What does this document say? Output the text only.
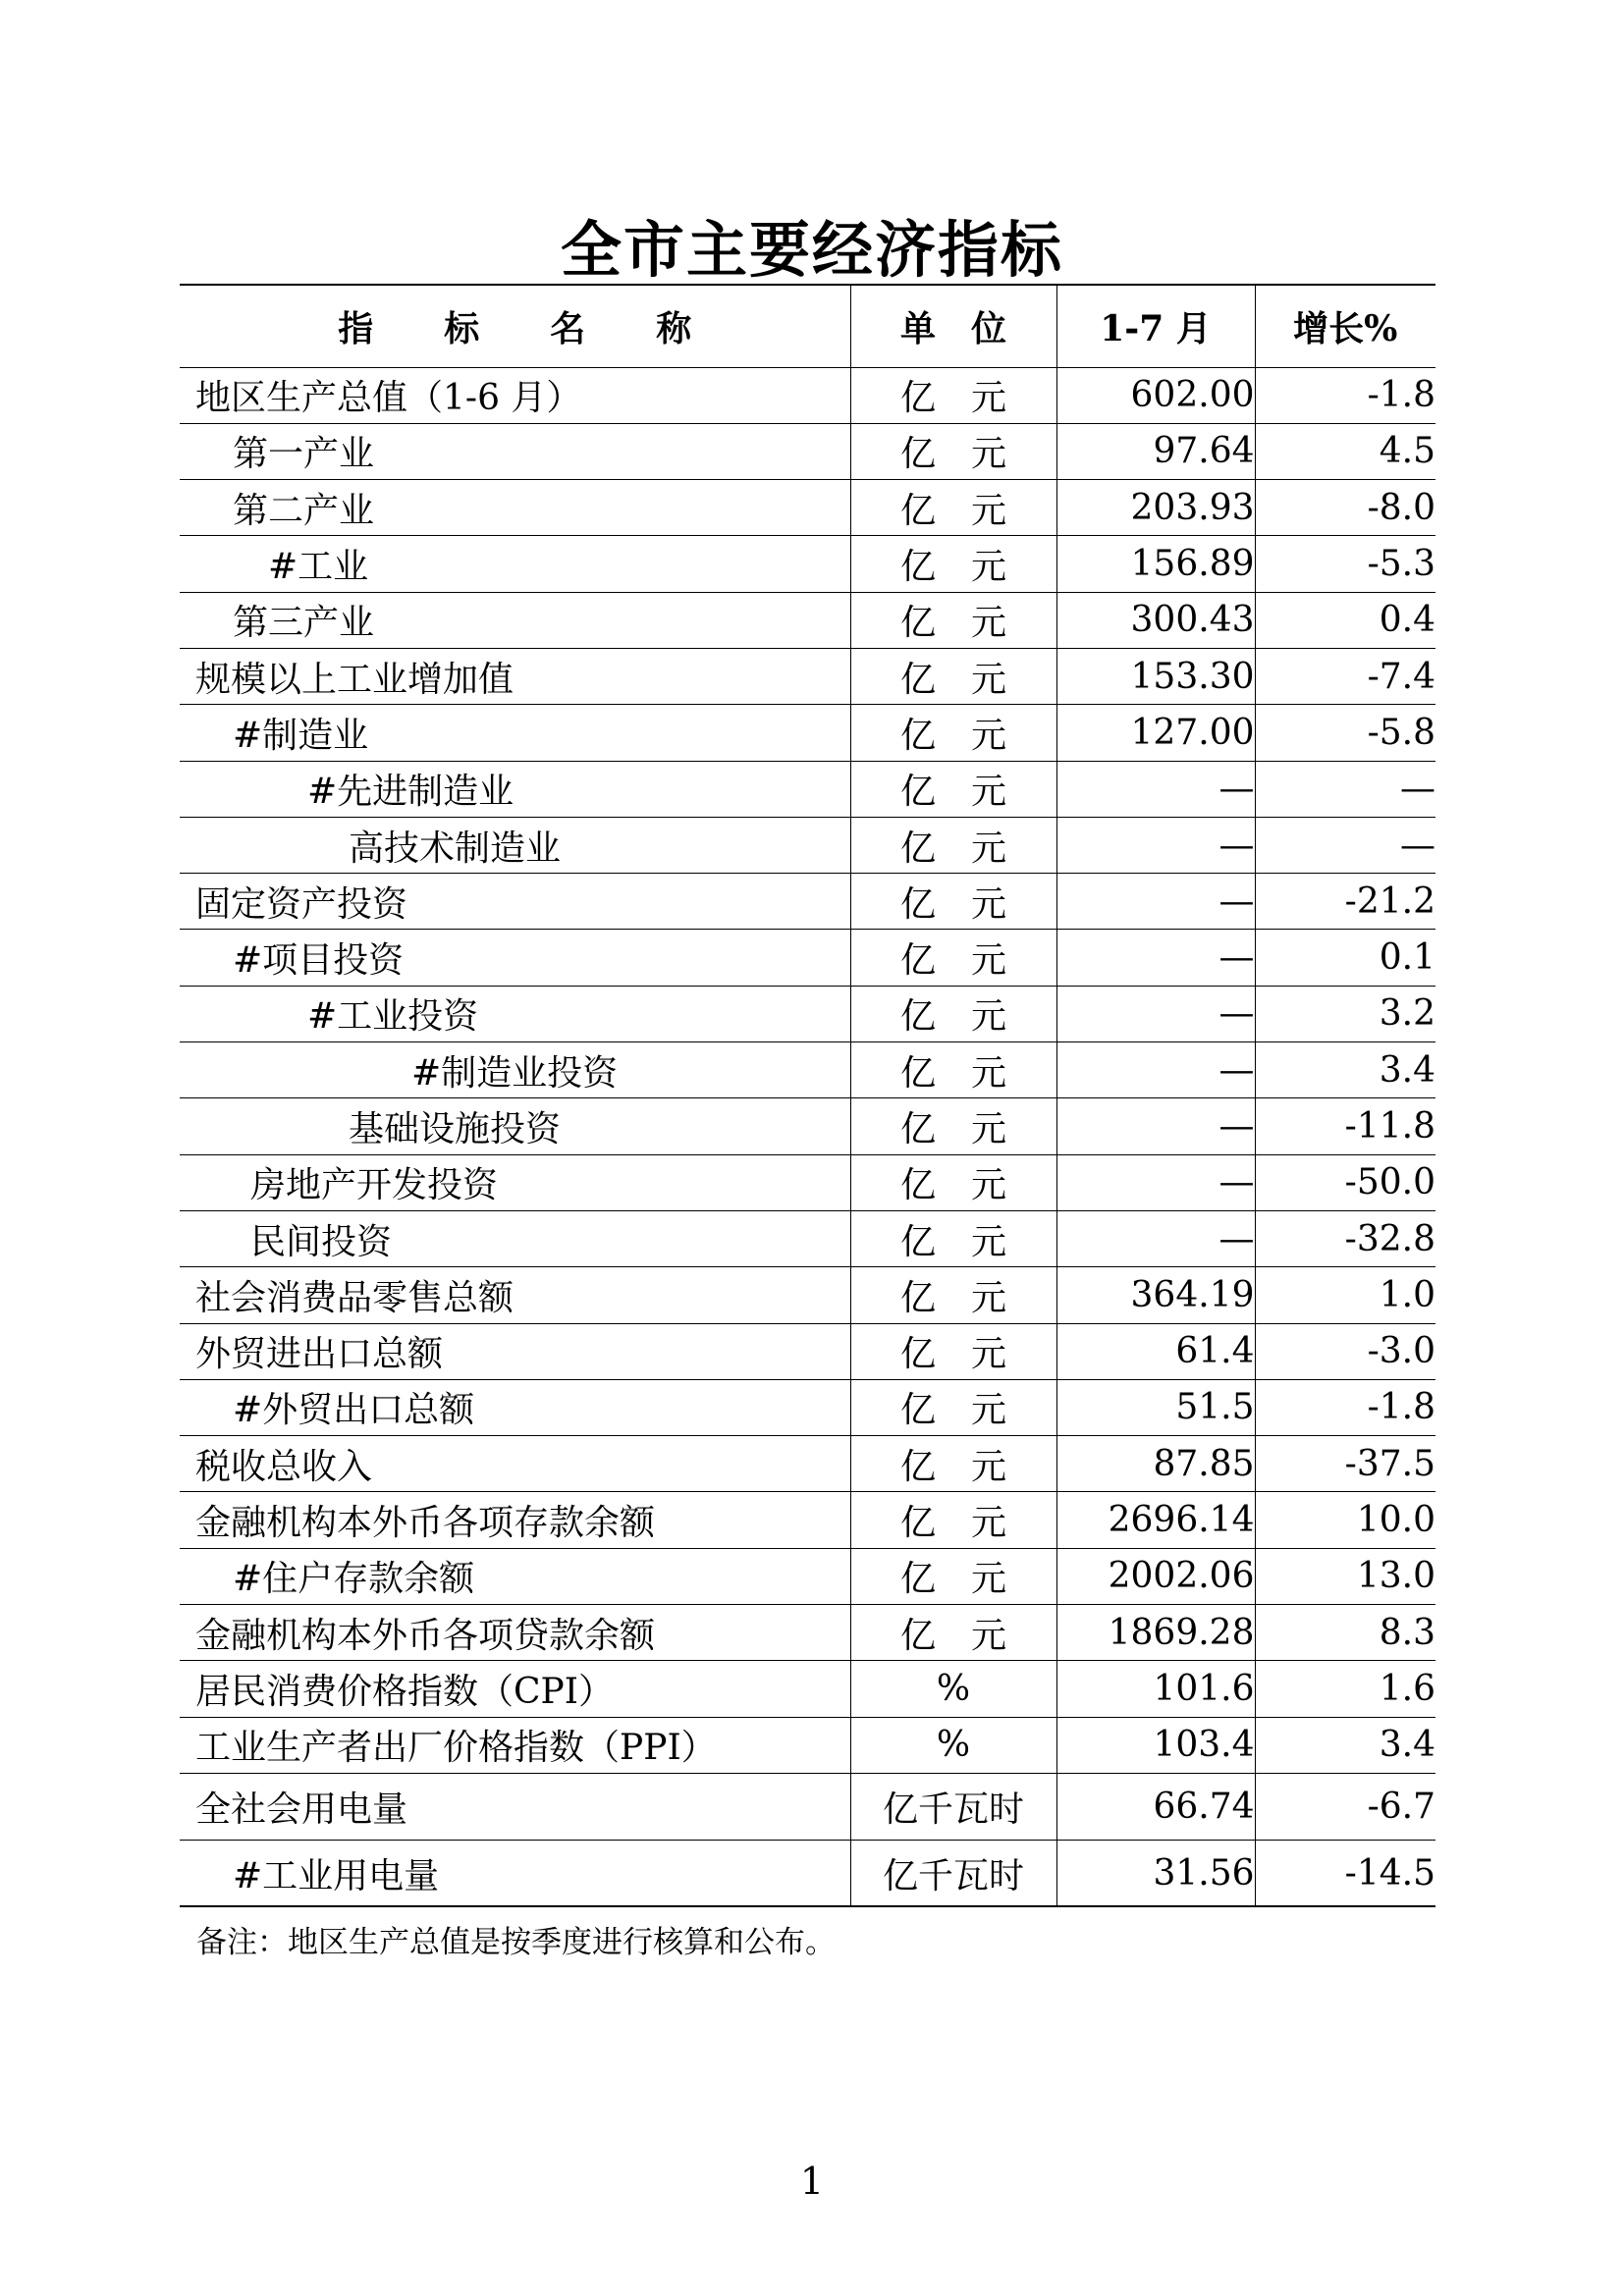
全市主要经济指标
指　　标　　名　　称	单　位	1-7 月	增长%
地区生产总值（1-6 月）	亿　元	602.00	-1.8
第一产业	亿　元	97.64	4.5
第二产业	亿　元	203.93	-8.0
#工业	亿　元	156.89	-5.3
第三产业	亿　元	300.43	0.4
规模以上工业增加值	亿　元	153.30	-7.4
#制造业	亿　元	127.00	-5.8
#先进制造业	亿　元	—	—
高技术制造业	亿　元	—	—
固定资产投资	亿　元	—	-21.2
#项目投资	亿　元	—	0.1
#工业投资	亿　元	—	3.2
#制造业投资	亿　元	—	3.4
基础设施投资	亿　元	—	-11.8
房地产开发投资	亿　元	—	-50.0
民间投资	亿　元	—	-32.8
社会消费品零售总额	亿　元	364.19	1.0
外贸进出口总额	亿　元	61.4	-3.0
#外贸出口总额	亿　元	51.5	-1.8
税收总收入	亿　元	87.85	-37.5
金融机构本外币各项存款余额	亿　元	2696.14	10.0
#住户存款余额	亿　元	2002.06	13.0
金融机构本外币各项贷款余额	亿　元	1869.28	8.3
居民消费价格指数（CPI）	%	101.6	1.6
工业生产者出厂价格指数（PPI）	%	103.4	3.4
全社会用电量	亿千瓦时	66.74	-6.7
#工业用电量	亿千瓦时	31.56	-14.5
备注：地区生产总值是按季度进行核算和公布。
1
